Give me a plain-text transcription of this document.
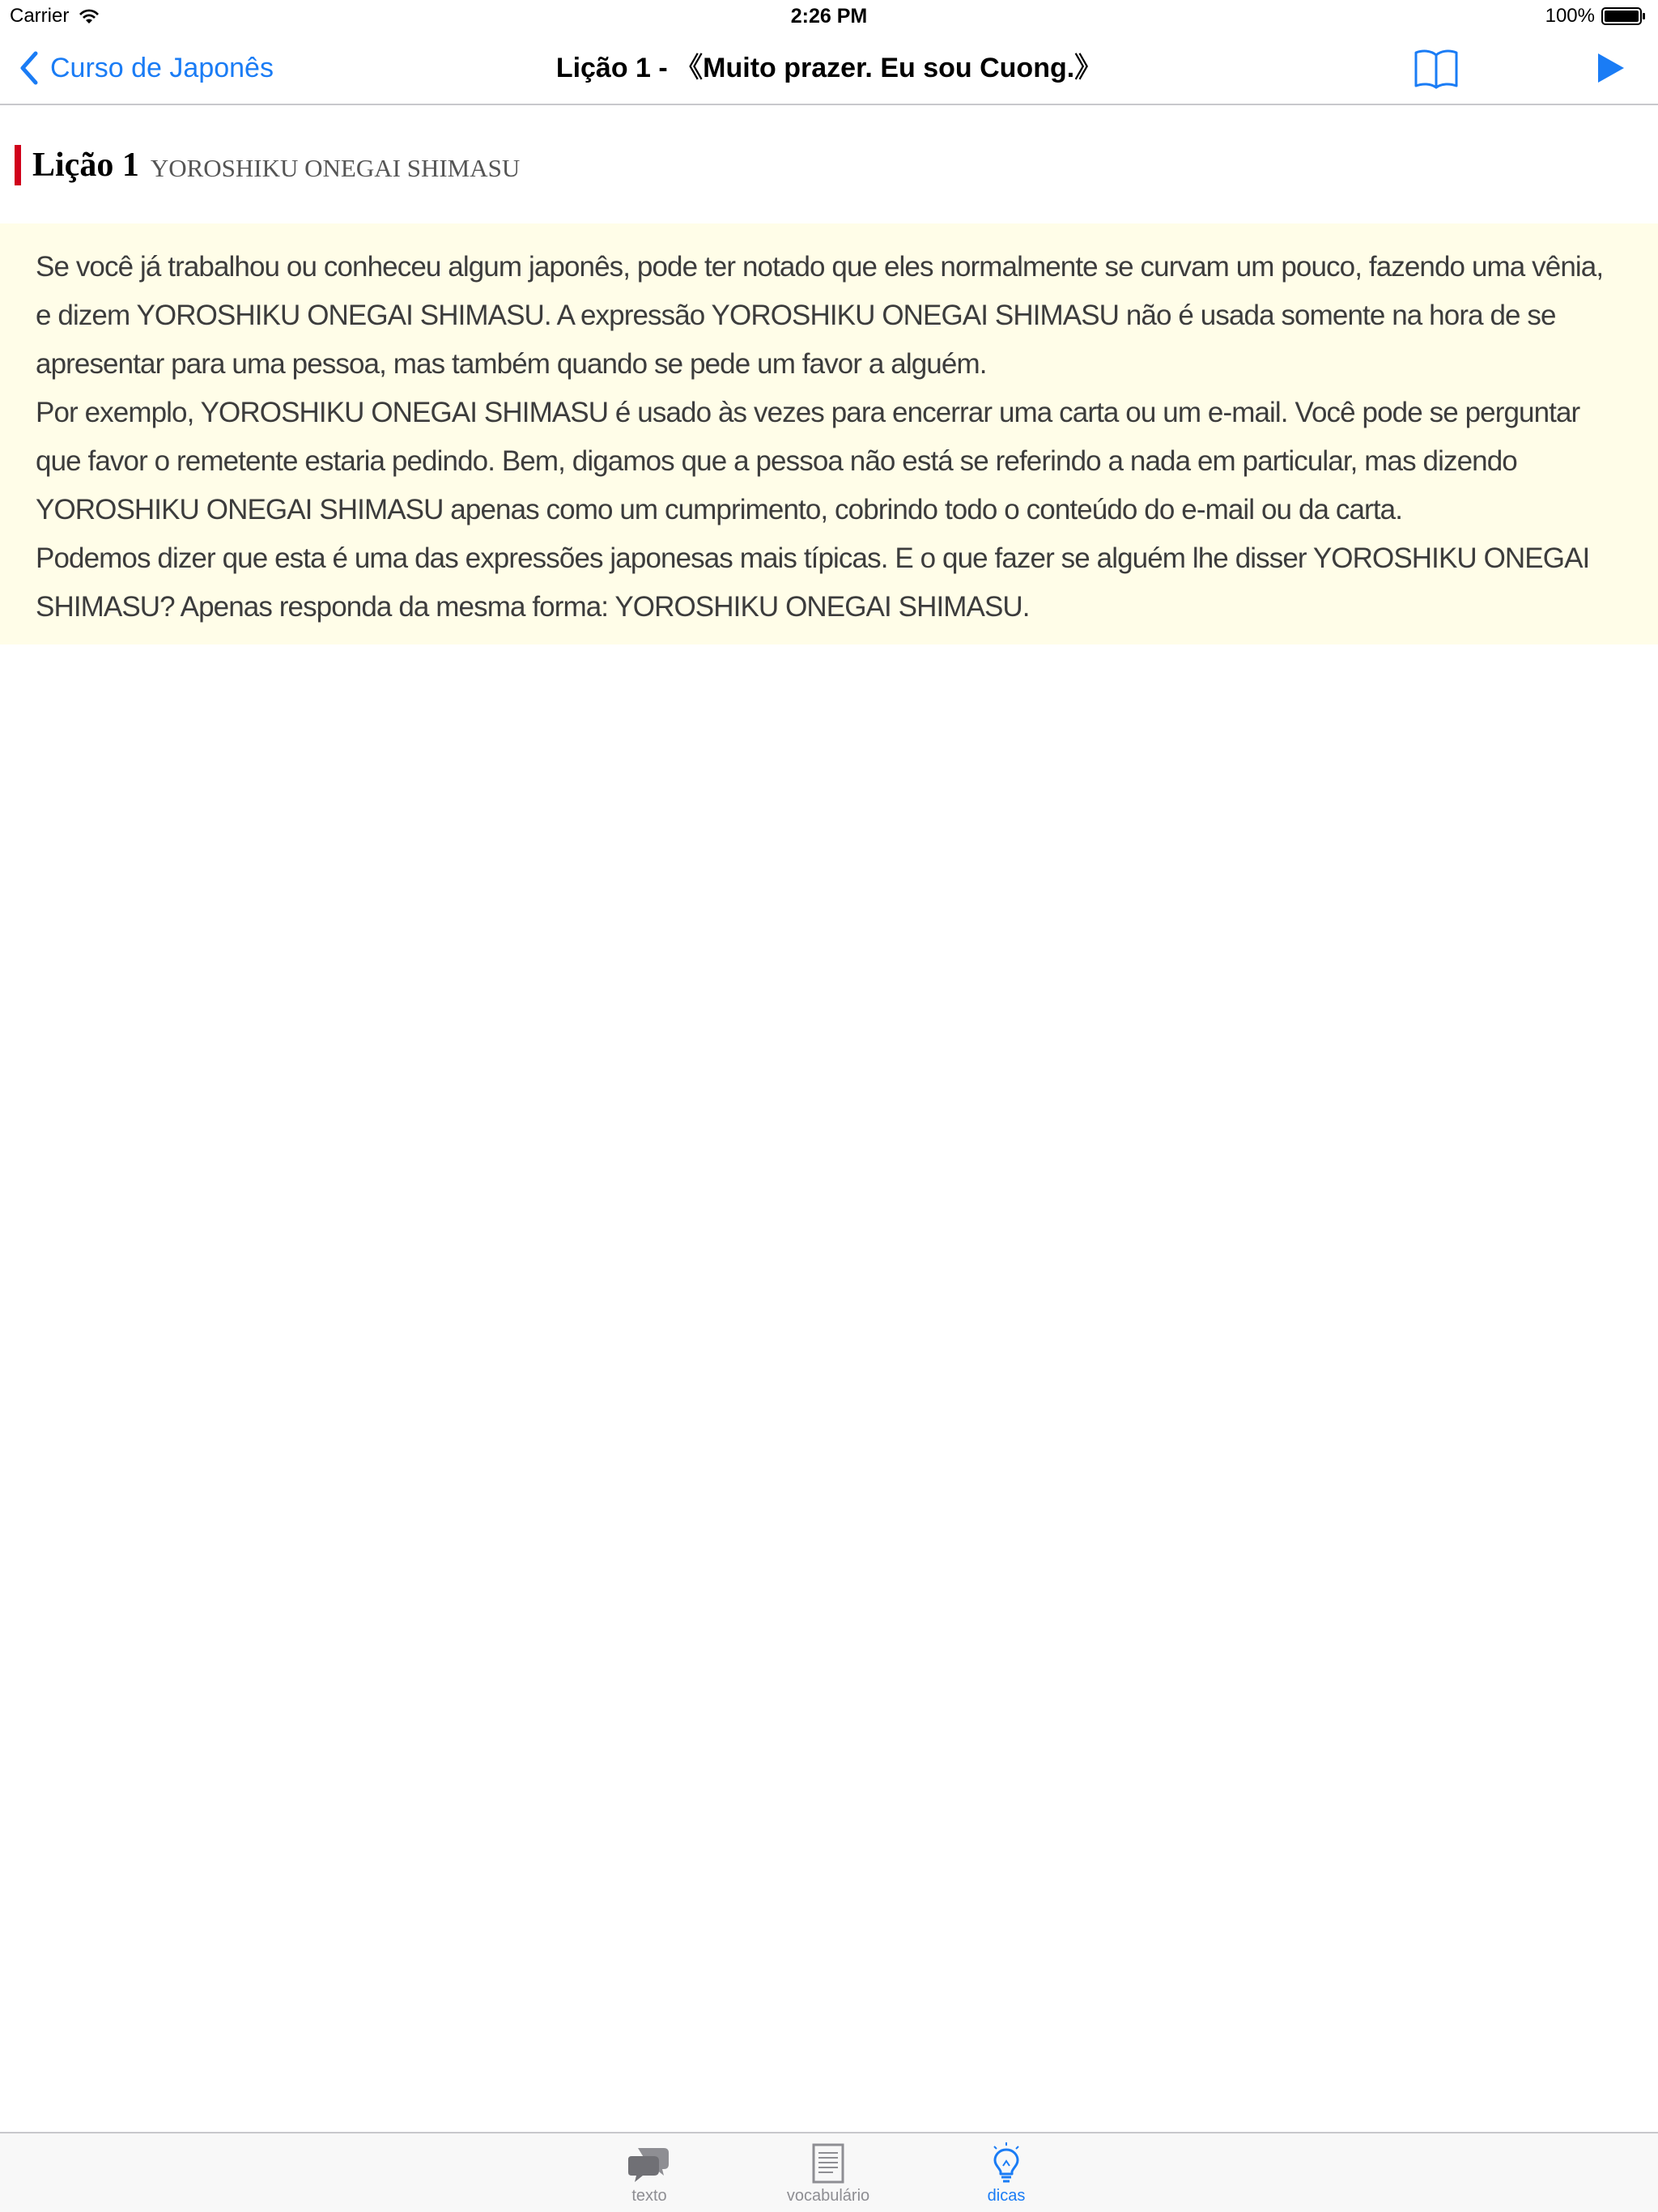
Carrier	2:26 PM	100%
Curso de Japonês	Lição 1 - 《Muito prazer. Eu sou Cuong.》
Lição 1 YOROSHIKU ONEGAI SHIMASU

Se você já trabalhou ou conheceu algum japonês, pode ter notado que eles normalmente se curvam um pouco, fazendo uma vênia, e dizem YOROSHIKU ONEGAI SHIMASU. A expressão YOROSHIKU ONEGAI SHIMASU não é usada somente na hora de se apresentar para uma pessoa, mas também quando se pede um favor a alguém.

Por exemplo, YOROSHIKU ONEGAI SHIMASU é usado às vezes para encerrar uma carta ou um e-mail. Você pode se perguntar que favor o remetente estaria pedindo. Bem, digamos que a pessoa não está se referindo a nada em particular, mas dizendo YOROSHIKU ONEGAI SHIMASU apenas como um cumprimento, cobrindo todo o conteúdo do e-mail ou da carta.

Podemos dizer que esta é uma das expressões japonesas mais típicas. E o que fazer se alguém lhe disser YOROSHIKU ONEGAI SHIMASU? Apenas responda da mesma forma: YOROSHIKU ONEGAI SHIMASU.

texto	vocabulário	dicas
